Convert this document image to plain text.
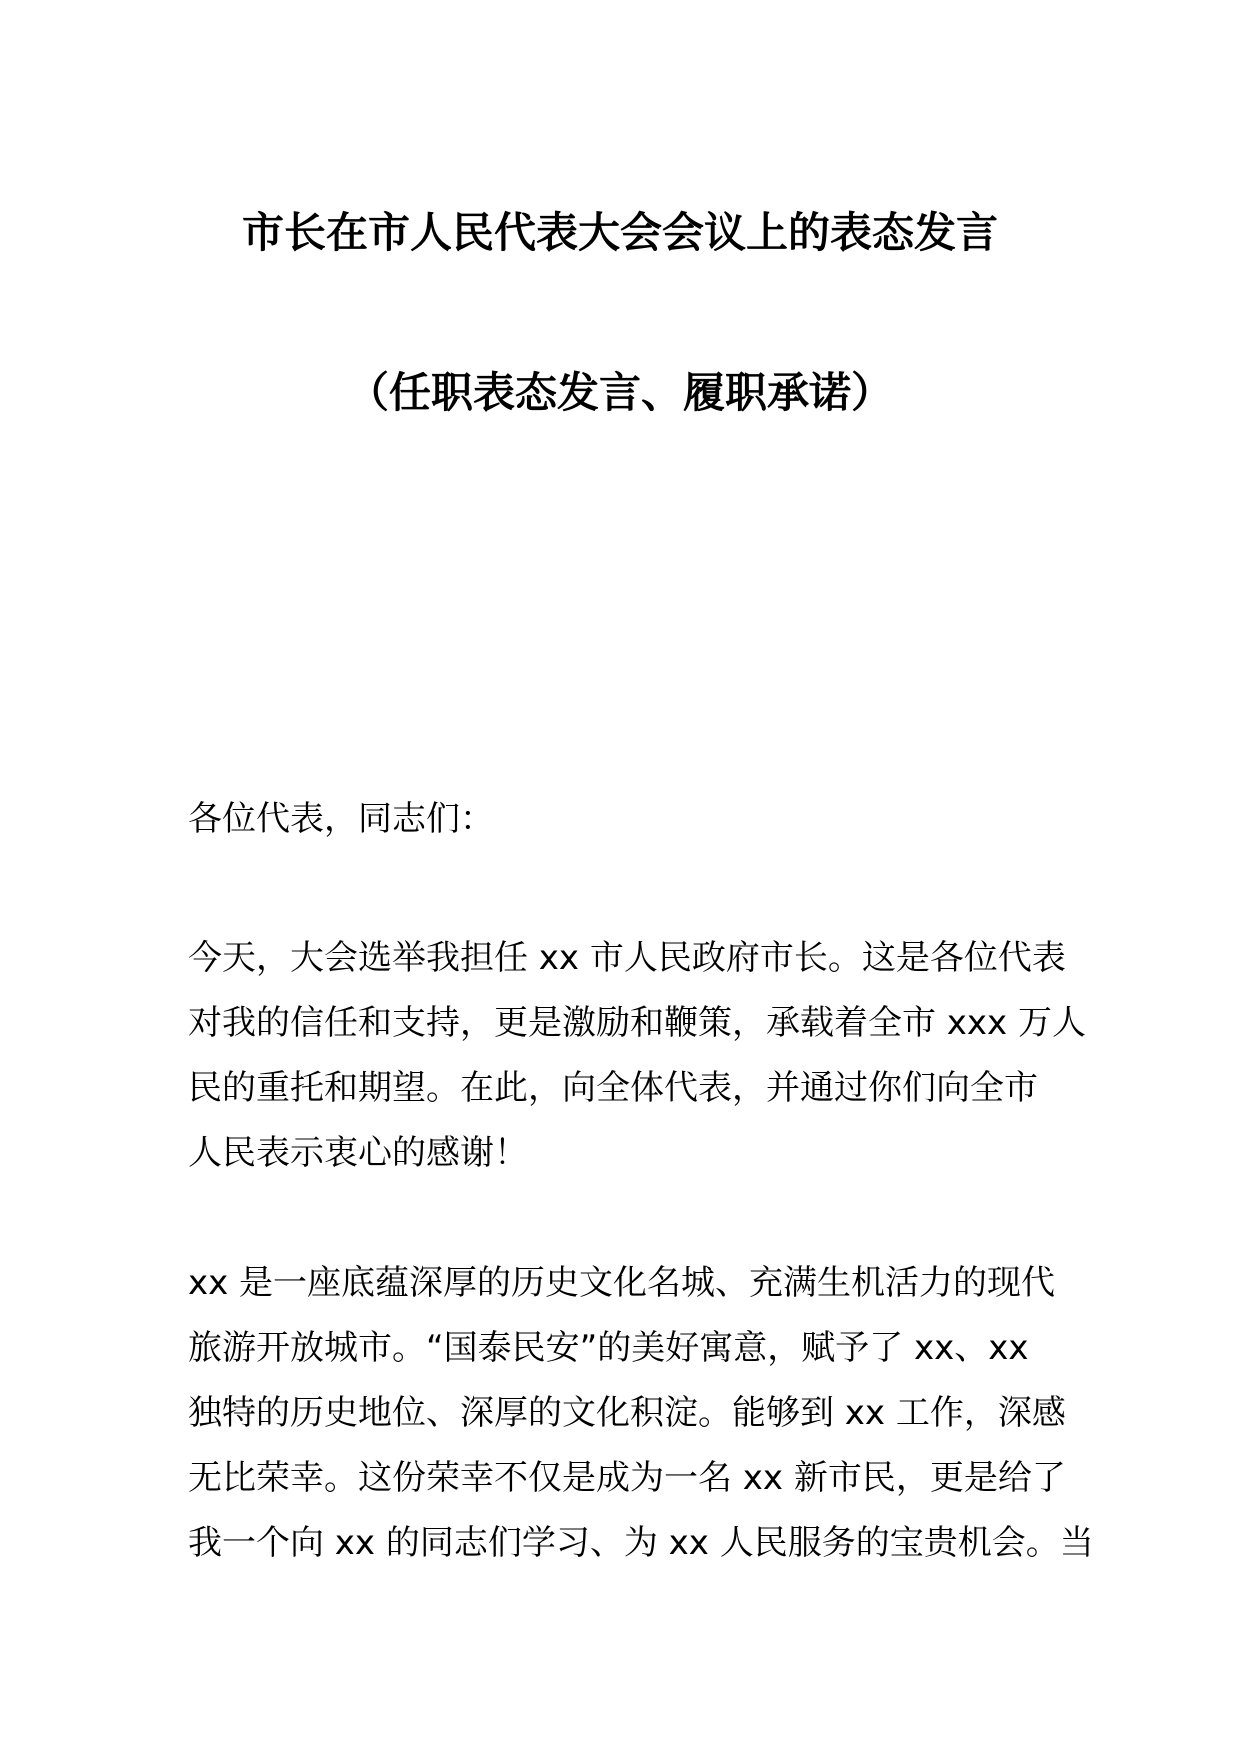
市长在市人民代表大会会议上的表态发言
（任职表态发言、履职承诺）
各位代表，同志们：
今天，大会选举我担任 xx 市人民政府市长。这是各位代表
对我的信任和支持，更是激励和鞭策，承载着全市 xxx 万人
民的重托和期望。在此，向全体代表，并通过你们向全市
人民表示衷心的感谢！
xx 是一座底蕴深厚的历史文化名城、充满生机活力的现代
旅游开放城市。“国泰民安”的美好寓意，赋予了 xx、xx
独特的历史地位、深厚的文化积淀。能够到 xx 工作，深感
无比荣幸。这份荣幸不仅是成为一名 xx 新市民，更是给了
我一个向 xx 的同志们学习、为 xx 人民服务的宝贵机会。当
